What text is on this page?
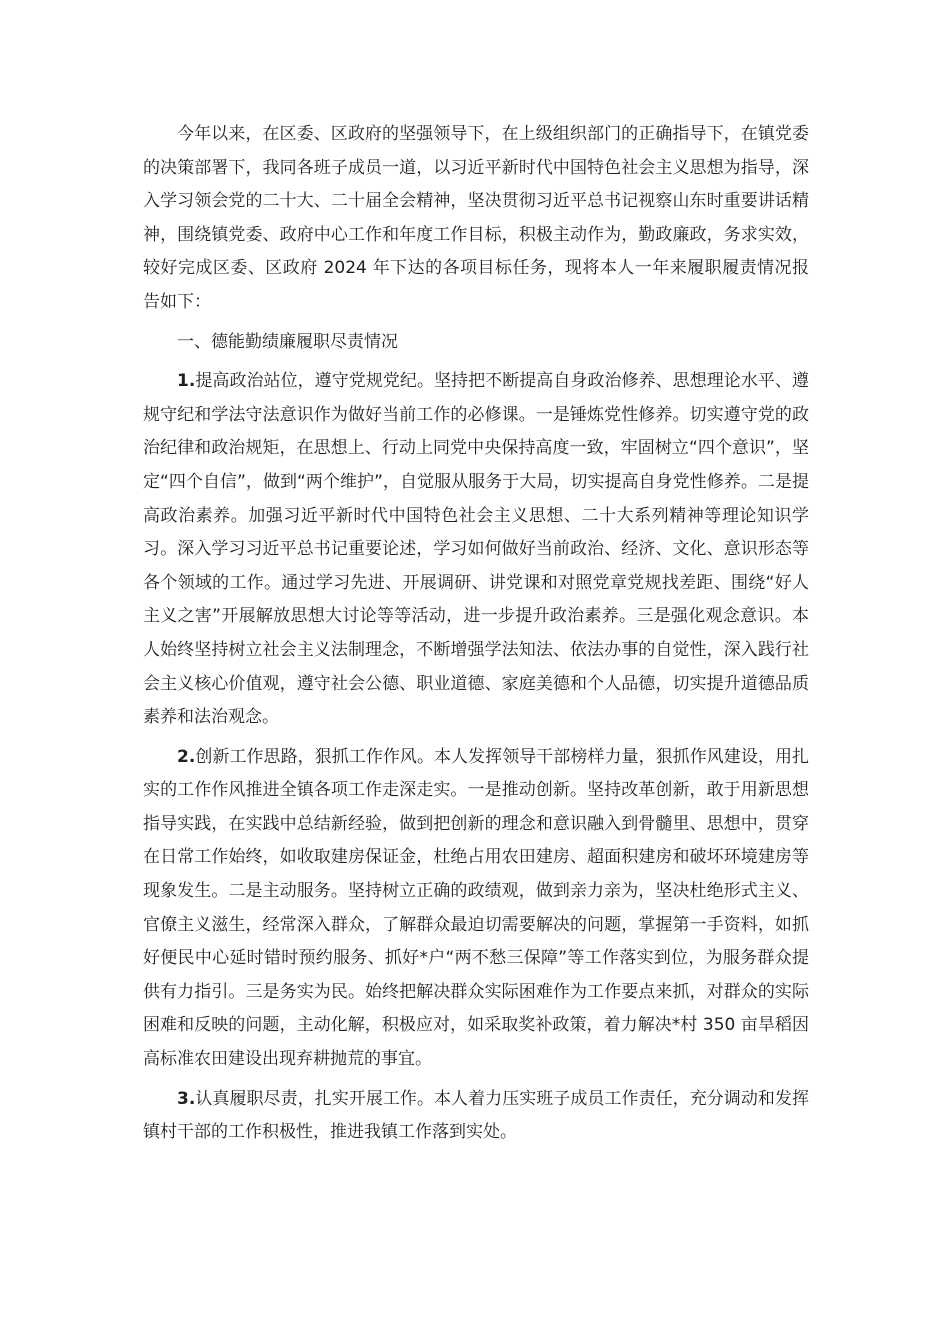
今年以来，在区委、区政府的坚强领导下，在上级组织部门的正确指导下，在镇党委的决策部署下，我同各班子成员一道，以习近平新时代中国特色社会主义思想为指导，深入学习领会党的二十大、二十届全会精神，坚决贯彻习近平总书记视察山东时重要讲话精神，围绕镇党委、政府中心工作和年度工作目标，积极主动作为，勤政廉政，务求实效，较好完成区委、区政府 2024 年下达的各项目标任务，现将本人一年来履职履责情况报告如下：

一、德能勤绩廉履职尽责情况

1.提高政治站位，遵守党规党纪。坚持把不断提高自身政治修养、思想理论水平、遵规守纪和学法守法意识作为做好当前工作的必修课。一是锤炼党性修养。切实遵守党的政治纪律和政治规矩，在思想上、行动上同党中央保持高度一致，牢固树立“四个意识”，坚定“四个自信”，做到“两个维护”，自觉服从服务于大局，切实提高自身党性修养。二是提高政治素养。加强习近平新时代中国特色社会主义思想、二十大系列精神等理论知识学习。深入学习习近平总书记重要论述，学习如何做好当前政治、经济、文化、意识形态等各个领域的工作。通过学习先进、开展调研、讲党课和对照党章党规找差距、围绕“好人主义之害”开展解放思想大讨论等等活动，进一步提升政治素养。三是强化观念意识。本人始终坚持树立社会主义法制理念，不断增强学法知法、依法办事的自觉性，深入践行社会主义核心价值观，遵守社会公德、职业道德、家庭美德和个人品德，切实提升道德品质素养和法治观念。

2.创新工作思路，狠抓工作作风。本人发挥领导干部榜样力量，狠抓作风建设，用扎实的工作作风推进全镇各项工作走深走实。一是推动创新。坚持改革创新，敢于用新思想指导实践，在实践中总结新经验，做到把创新的理念和意识融入到骨髓里、思想中，贯穿在日常工作始终，如收取建房保证金，杜绝占用农田建房、超面积建房和破坏环境建房等现象发生。二是主动服务。坚持树立正确的政绩观，做到亲力亲为，坚决杜绝形式主义、官僚主义滋生，经常深入群众，了解群众最迫切需要解决的问题，掌握第一手资料，如抓好便民中心延时错时预约服务、抓好*户“两不愁三保障”等工作落实到位，为服务群众提供有力指引。三是务实为民。始终把解决群众实际困难作为工作要点来抓，对群众的实际困难和反映的问题，主动化解，积极应对，如采取奖补政策，着力解决*村 350 亩旱稻因高标准农田建设出现弃耕抛荒的事宜。

3.认真履职尽责，扎实开展工作。本人着力压实班子成员工作责任，充分调动和发挥镇村干部的工作积极性，推进我镇工作落到实处。
